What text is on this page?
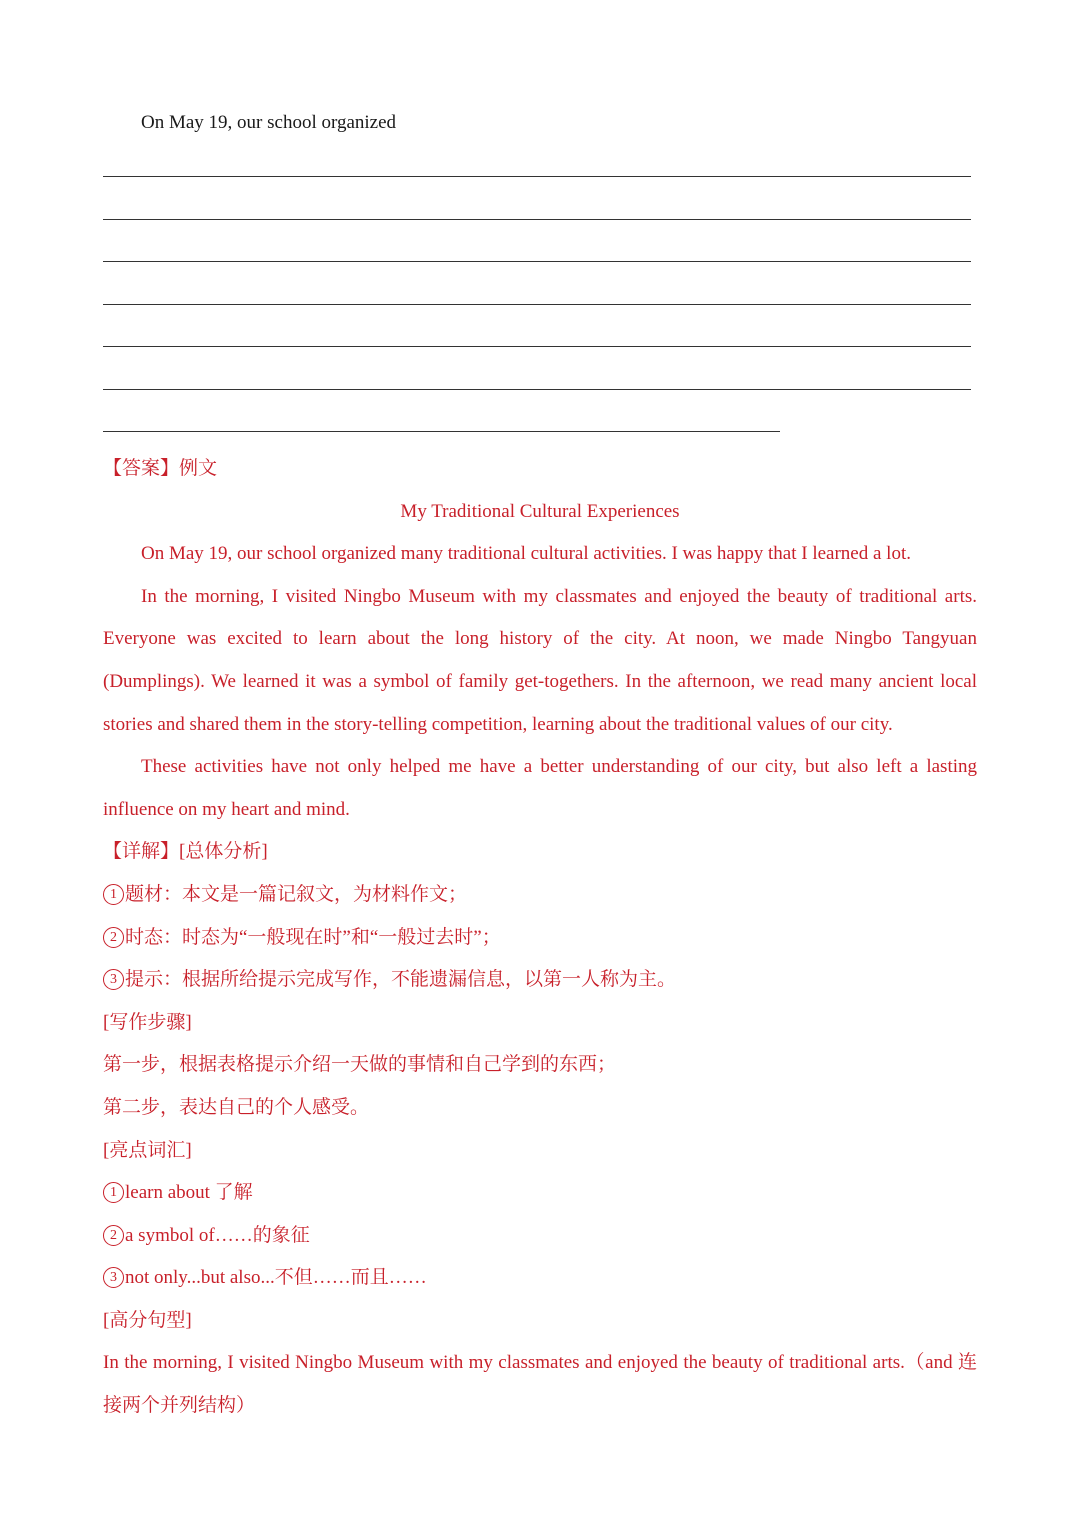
On May 19, our school organized

【答案】例文

My Traditional Cultural Experiences

On May 19, our school organized many traditional cultural activities. I was happy that I learned a lot.

In the morning, I visited Ningbo Museum with my classmates and enjoyed the beauty of traditional arts. Everyone was excited to learn about the long history of the city. At noon, we made Ningbo Tangyuan (Dumplings). We learned it was a symbol of family get-togethers. In the afternoon, we read many ancient local stories and shared them in the story-telling competition, learning about the traditional values of our city.

These activities have not only helped me have a better understanding of our city, but also left a lasting influence on my heart and mind.

【详解】[总体分析]

1 题材：本文是一篇记叙文，为材料作文；

2 时态：时态为“一般现在时”和“一般过去时”；

3 提示：根据所给提示完成写作，不能遗漏信息，以第一人称为主。

[写作步骤]

第一步，根据表格提示介绍一天做的事情和自己学到的东西；

第二步，表达自己的个人感受。

[亮点词汇]

1 learn about 了解

2 a symbol of……的象征

3 not only...but also...不但……而且……

[高分句型]

In the morning, I visited Ningbo Museum with my classmates and enjoyed the beauty of traditional arts.（and 连接两个并列结构）
